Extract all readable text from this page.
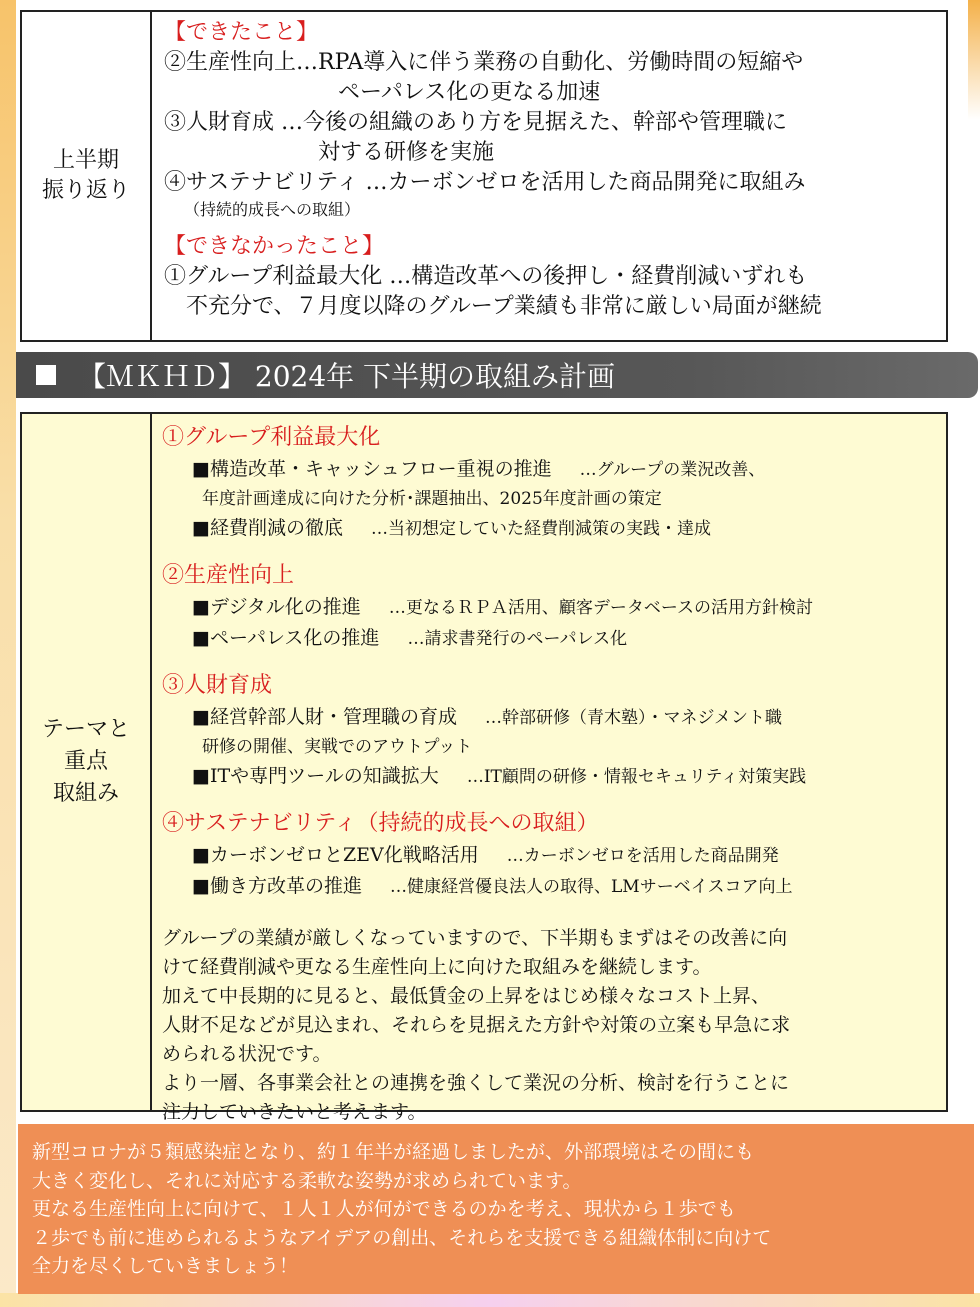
上半期
振り返り
【できたこと】
②生産性向上…RPA導入に伴う業務の自動化、労働時間の短縮や
ペーパレス化の更なる加速
③人財育成 …今後の組織のあり方を見据えた、幹部や管理職に
対する研修を実施
④サステナビリティ …カーボンゼロを活用した商品開発に取組み
（持続的成長への取組）
【できなかったこと】
①グループ利益最大化 …構造改革への後押し・経費削減いずれも
不充分で、７月度以降のグループ業績も非常に厳しい局面が継続
【ＭＫＨＤ】 2024年 下半期の取組み計画
テーマと
重点
取組み
①グループ利益最大化
■構造改革・キャッシュフロー重視の推進 …グループの業況改善、
年度計画達成に向けた分析･課題抽出、2025年度計画の策定
■経費削減の徹底 …当初想定していた経費削減策の実践・達成
②生産性向上
■デジタル化の推進 …更なるＲＰＡ活用、顧客データベースの活用方針検討
■ペーパレス化の推進 …請求書発行のペーパレス化
③人財育成
■経営幹部人財・管理職の育成 …幹部研修（青木塾）・マネジメント職
研修の開催、実戦でのアウトプット
■ITや専門ツールの知識拡大 …IT顧問の研修・情報セキュリティ対策実践
④サステナビリティ（持続的成長への取組）
■カーボンゼロとZEV化戦略活用 …カーボンゼロを活用した商品開発
■働き方改革の推進 …健康経営優良法人の取得、LMサーベイスコア向上
グループの業績が厳しくなっていますので、下半期もまずはその改善に向
けて経費削減や更なる生産性向上に向けた取組みを継続します。
加えて中長期的に見ると、最低賃金の上昇をはじめ様々なコスト上昇、
人財不足などが見込まれ、それらを見据えた方針や対策の立案も早急に求
められる状況です。
より一層、各事業会社との連携を強くして業況の分析、検討を行うことに
注力していきたいと考えます。
新型コロナが５類感染症となり、約１年半が経過しましたが、外部環境はその間にも
大きく変化し、それに対応する柔軟な姿勢が求められています。
更なる生産性向上に向けて、１人１人が何ができるのかを考え、現状から１歩でも
２歩でも前に進められるようなアイデアの創出、それらを支援できる組織体制に向けて
全力を尽くしていきましょう！
